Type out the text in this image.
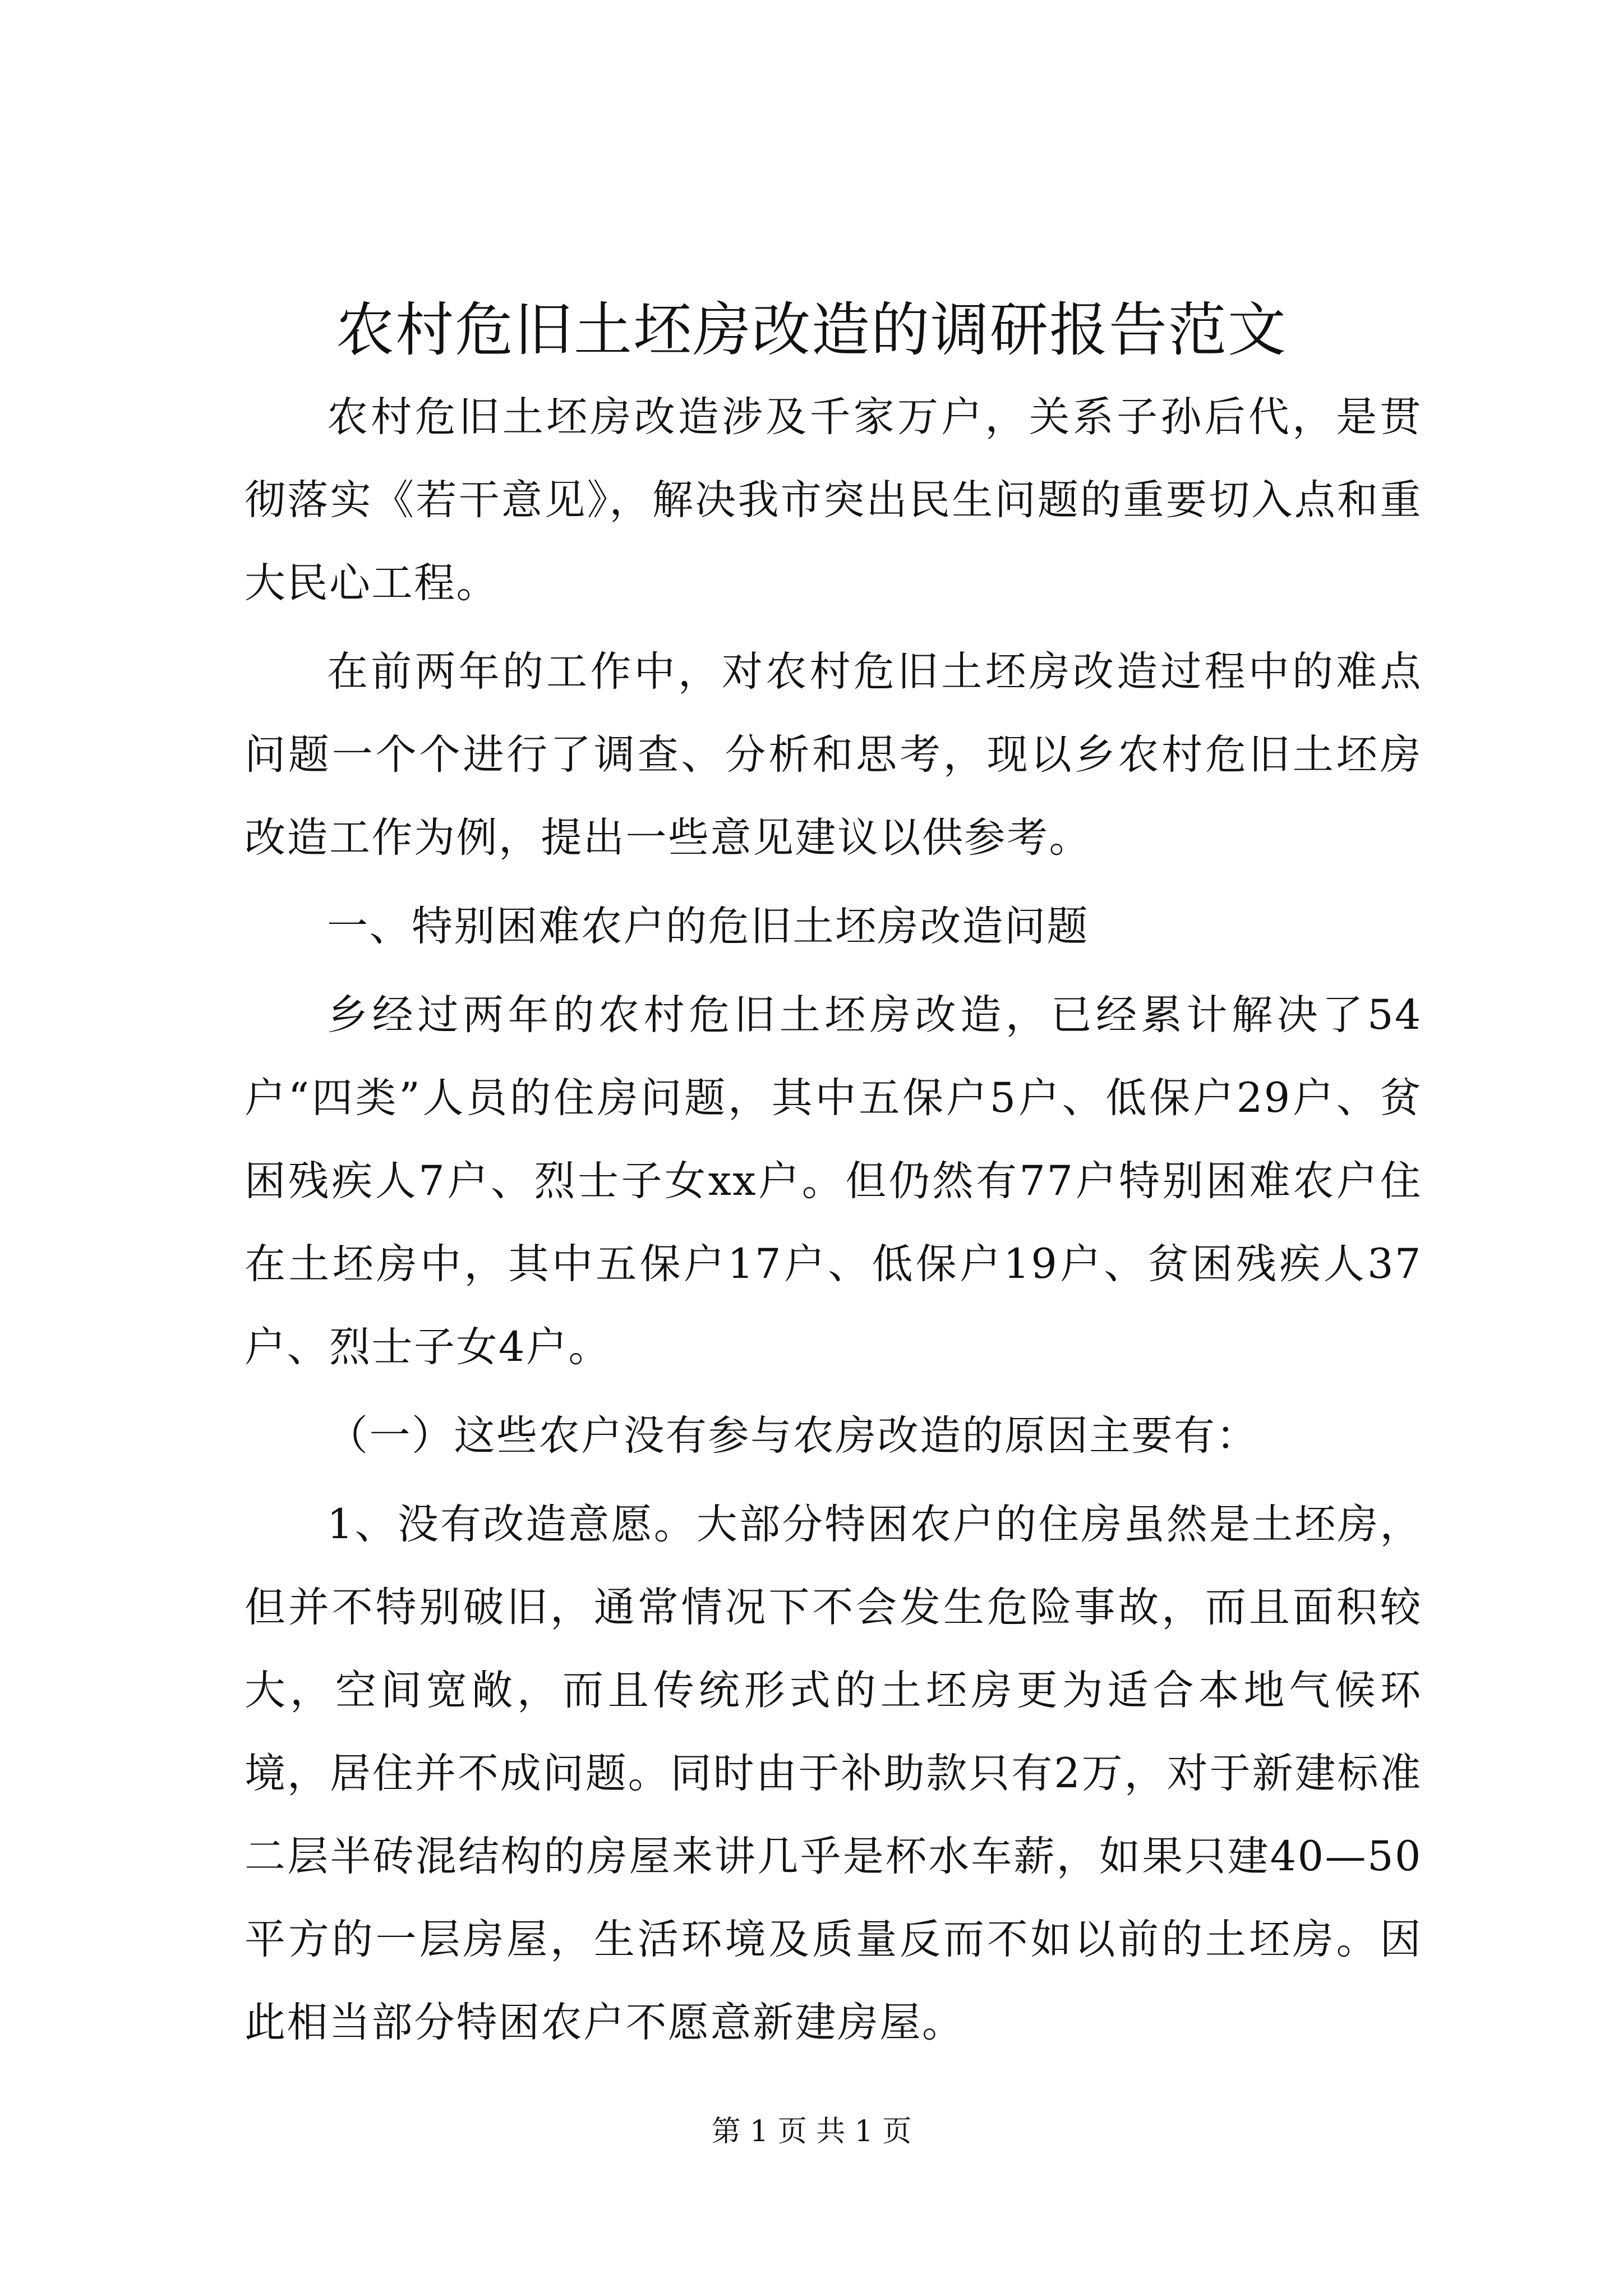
农村危旧土坯房改造的调研报告范文

农村危旧土坯房改造涉及千家万户，关系子孙后代，是贯彻落实《若干意见》，解决我市突出民生问题的重要切入点和重大民心工程。

在前两年的工作中，对农村危旧土坯房改造过程中的难点问题一个个进行了调查、分析和思考，现以乡农村危旧土坯房改造工作为例，提出一些意见建议以供参考。

一、特别困难农户的危旧土坯房改造问题

乡经过两年的农村危旧土坯房改造，已经累计解决了54户“四类”人员的住房问题，其中五保户5户、低保户29户、贫困残疾人7户、烈士子女xx户。但仍然有77户特别困难农户住在土坯房中，其中五保户17户、低保户19户、贫困残疾人37户、烈士子女4户。

（一）这些农户没有参与农房改造的原因主要有：

1、没有改造意愿。大部分特困农户的住房虽然是土坯房，但并不特别破旧，通常情况下不会发生危险事故，而且面积较大，空间宽敞，而且传统形式的土坯房更为适合本地气候环境，居住并不成问题。同时由于补助款只有2万，对于新建标准二层半砖混结构的房屋来讲几乎是杯水车薪，如果只建40—50平方的一层房屋，生活环境及质量反而不如以前的土坯房。因此相当部分特困农户不愿意新建房屋。

第 1 页 共 1 页
